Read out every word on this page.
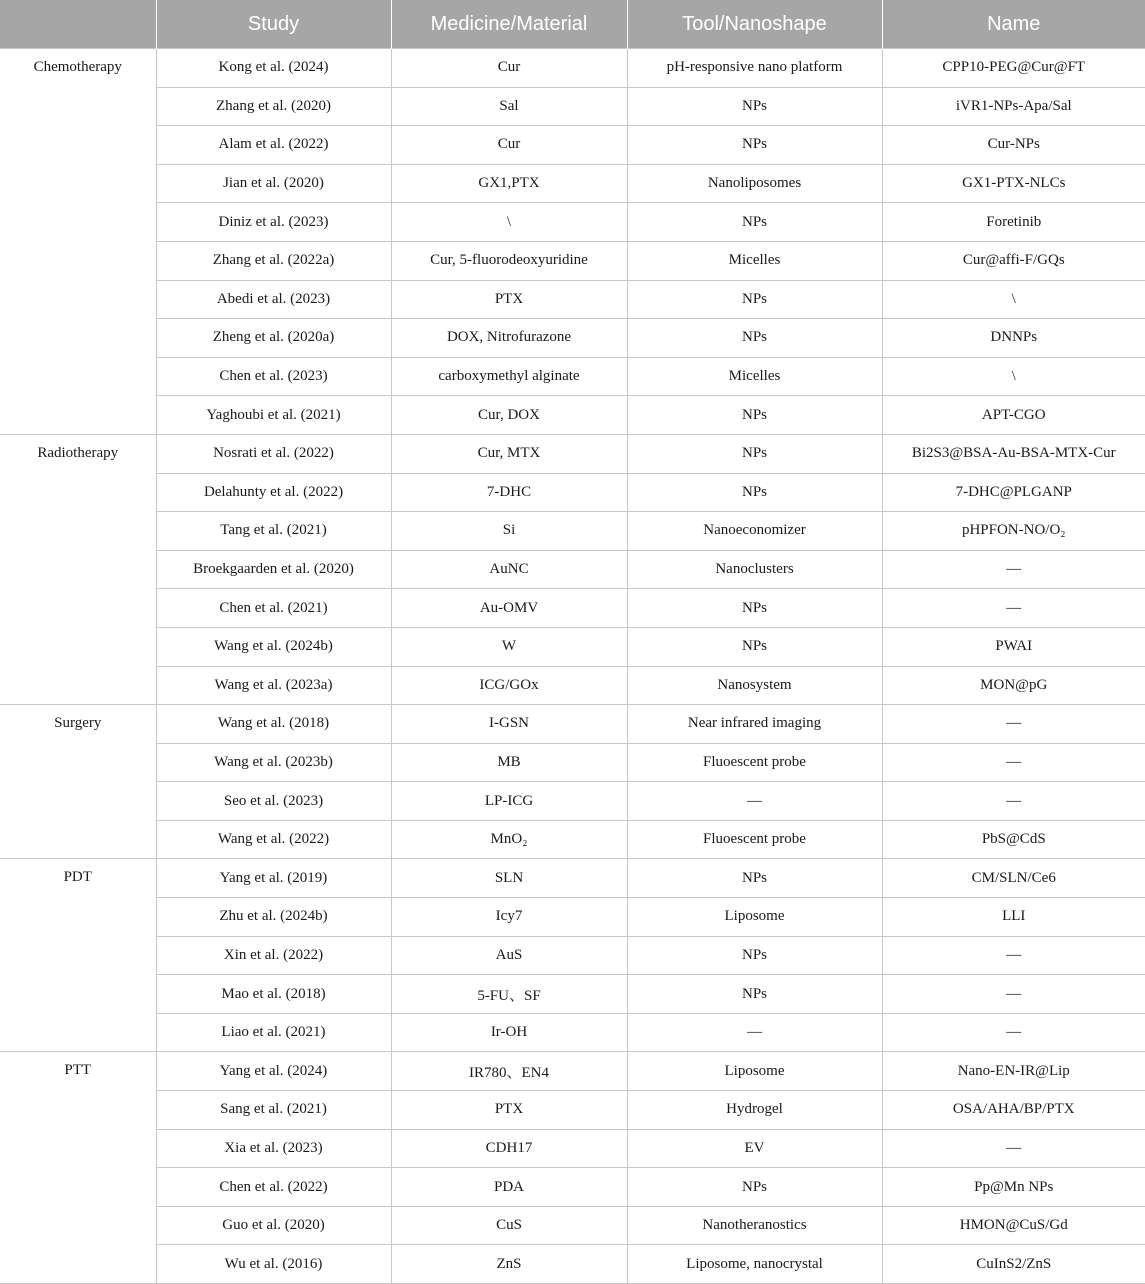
	Study	Medicine/Material	Tool/Nanoshape	Name
Chemotherapy	Kong et al. (2024)	Cur	pH-responsive nano platform	CPP10-PEG@Cur@FT
	Zhang et al. (2020)	Sal	NPs	iVR1-NPs-Apa/Sal
	Alam et al. (2022)	Cur	NPs	Cur-NPs
	Jian et al. (2020)	GX1,PTX	Nanoliposomes	GX1-PTX-NLCs
	Diniz et al. (2023)	\	NPs	Foretinib
	Zhang et al. (2022a)	Cur, 5-fluorodeoxyuridine	Micelles	Cur@affi-F/GQs
	Abedi et al. (2023)	PTX	NPs	\
	Zheng et al. (2020a)	DOX, Nitrofurazone	NPs	DNNPs
	Chen et al. (2023)	carboxymethyl alginate	Micelles	\
	Yaghoubi et al. (2021)	Cur, DOX	NPs	APT-CGO
Radiotherapy	Nosrati et al. (2022)	Cur, MTX	NPs	Bi2S3@BSA-Au-BSA-MTX-Cur
	Delahunty et al. (2022)	7-DHC	NPs	7-DHC@PLGANP
	Tang et al. (2021)	Si	Nanoeconomizer	pHPFON-NO/O₂
	Broekgaarden et al. (2020)	AuNC	Nanoclusters	—
	Chen et al. (2021)	Au-OMV	NPs	—
	Wang et al. (2024b)	W	NPs	PWAI
	Wang et al. (2023a)	ICG/GOx	Nanosystem	MON@pG
Surgery	Wang et al. (2018)	I-GSN	Near infrared imaging	—
	Wang et al. (2023b)	MB	Fluoescent probe	—
	Seo et al. (2023)	LP-ICG	—	—
	Wang et al. (2022)	MnO₂	Fluoescent probe	PbS@CdS
PDT	Yang et al. (2019)	SLN	NPs	CM/SLN/Ce6
	Zhu et al. (2024b)	Icy7	Liposome	LLI
	Xin et al. (2022)	AuS	NPs	—
	Mao et al. (2018)	5-FU、SF	NPs	—
	Liao et al. (2021)	Ir-OH	—	—
PTT	Yang et al. (2024)	IR780、EN4	Liposome	Nano-EN-IR@Lip
	Sang et al. (2021)	PTX	Hydrogel	OSA/AHA/BP/PTX
	Xia et al. (2023)	CDH17	EV	—
	Chen et al. (2022)	PDA	NPs	Pp@Mn NPs
	Guo et al. (2020)	CuS	Nanotheranostics	HMON@CuS/Gd
	Wu et al. (2016)	ZnS	Liposome, nanocrystal	CuInS2/ZnS
